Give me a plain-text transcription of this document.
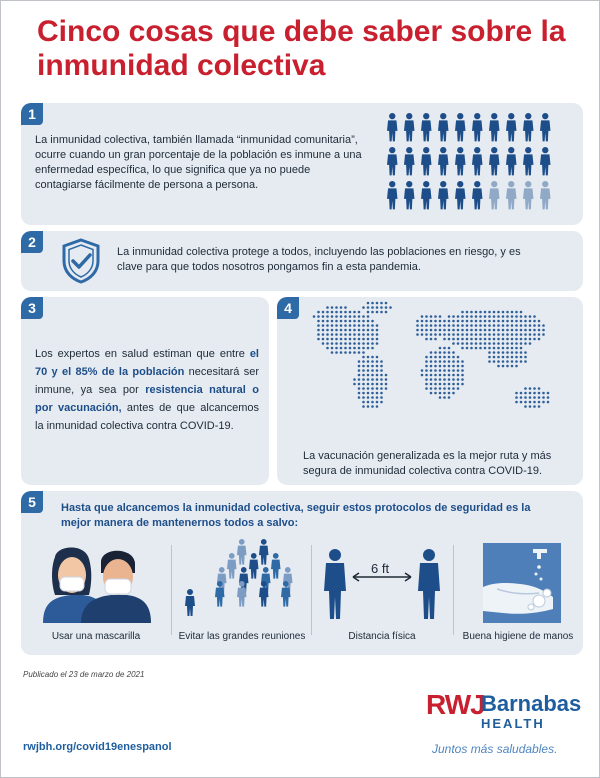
Cinco cosas que debe saber sobre la inmunidad colectiva
1
La inmunidad colectiva, también llamada “inmunidad comunitaria”, ocurre cuando un gran porcentaje de la población es inmune a una enfermedad específica, lo que significa que ya no puede contagiarse fácilmente de persona a persona.
2
La inmunidad colectiva protege a todos, incluyendo las poblaciones en riesgo, y es clave para que todos nosotros pongamos fin a esta pandemia.
3
Los expertos en salud estiman que entre el 70 y el 85% de la población necesitará ser inmune, ya sea por resistencia natural o por vacunación, antes de que alcancemos la inmunidad colectiva contra COVID-19.
4
La vacunación generalizada es la mejor ruta y más segura de inmunidad colectiva contra COVID-19.
5	Hasta que alcancemos la inmunidad colectiva, seguir estos protocolos de seguridad es la mejor manera de mantenernos todos a salvo:
Usar una mascarilla	Evitar las grandes reuniones
6 ft
Distancia física	Buena higiene de manos
Publicado el 23 de marzo de 2021
rwjbh.org/covid19enespanol
RWJ
Barnabas
HEALTH
Juntos más saludables.
